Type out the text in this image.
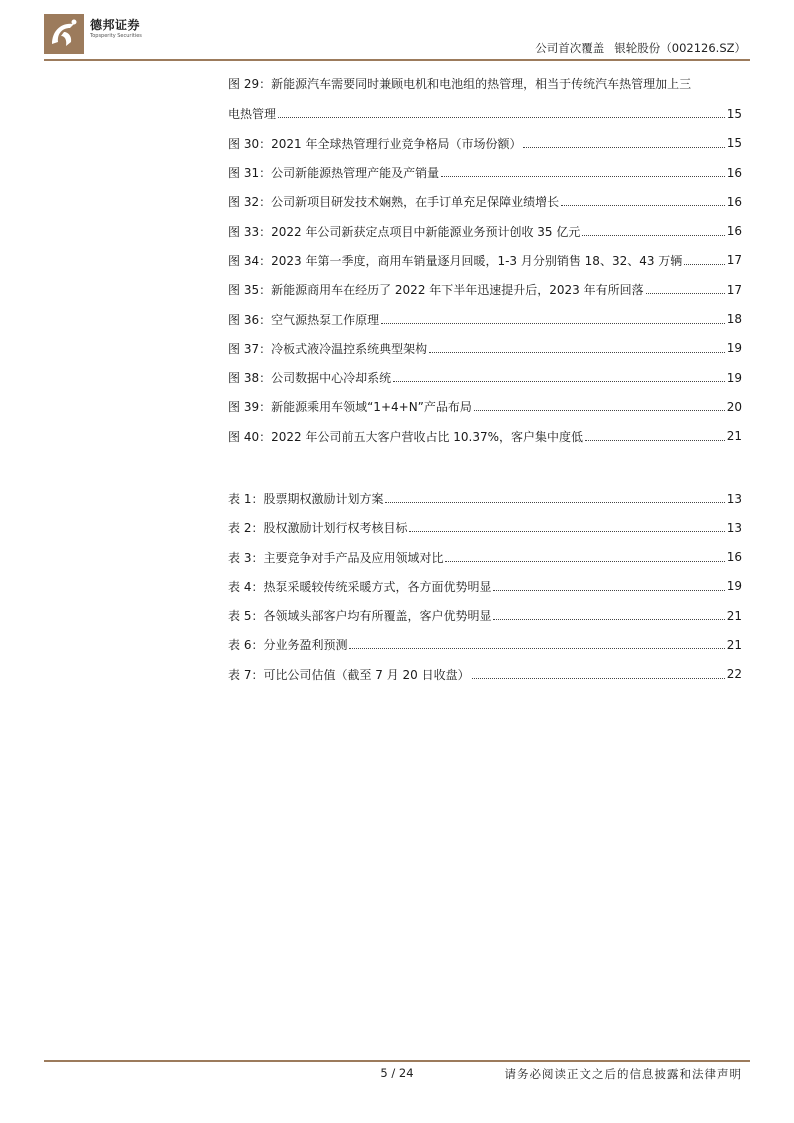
德邦证券
Topsperity Securities
公司首次覆盖 银轮股份（002126.SZ）
图 29：新能源汽车需要同时兼顾电机和电池组的热管理，相当于传统汽车热管理加上三
电热管理	15
图 30：2021 年全球热管理行业竞争格局（市场份额）	15
图 31：公司新能源热管理产能及产销量	16
图 32：公司新项目研发技术娴熟，在手订单充足保障业绩增长	16
图 33：2022 年公司新获定点项目中新能源业务预计创收 35 亿元	16
图 34：2023 年第一季度，商用车销量逐月回暖，1-3 月分别销售 18、32、43 万辆	17
图 35：新能源商用车在经历了 2022 年下半年迅速提升后，2023 年有所回落	17
图 36：空气源热泵工作原理	18
图 37：冷板式液冷温控系统典型架构	19
图 38：公司数据中心冷却系统	19
图 39：新能源乘用车领域“1+4+N”产品布局	20
图 40：2022 年公司前五大客户营收占比 10.37%，客户集中度低	21
表 1：股票期权激励计划方案	13
表 2：股权激励计划行权考核目标	13
表 3：主要竞争对手产品及应用领域对比	16
表 4：热泵采暖较传统采暖方式，各方面优势明显	19
表 5：各领域头部客户均有所覆盖，客户优势明显	21
表 6：分业务盈利预测	21
表 7：可比公司估值（截至 7 月 20 日收盘）	22
5 / 24	请务必阅读正文之后的信息披露和法律声明
